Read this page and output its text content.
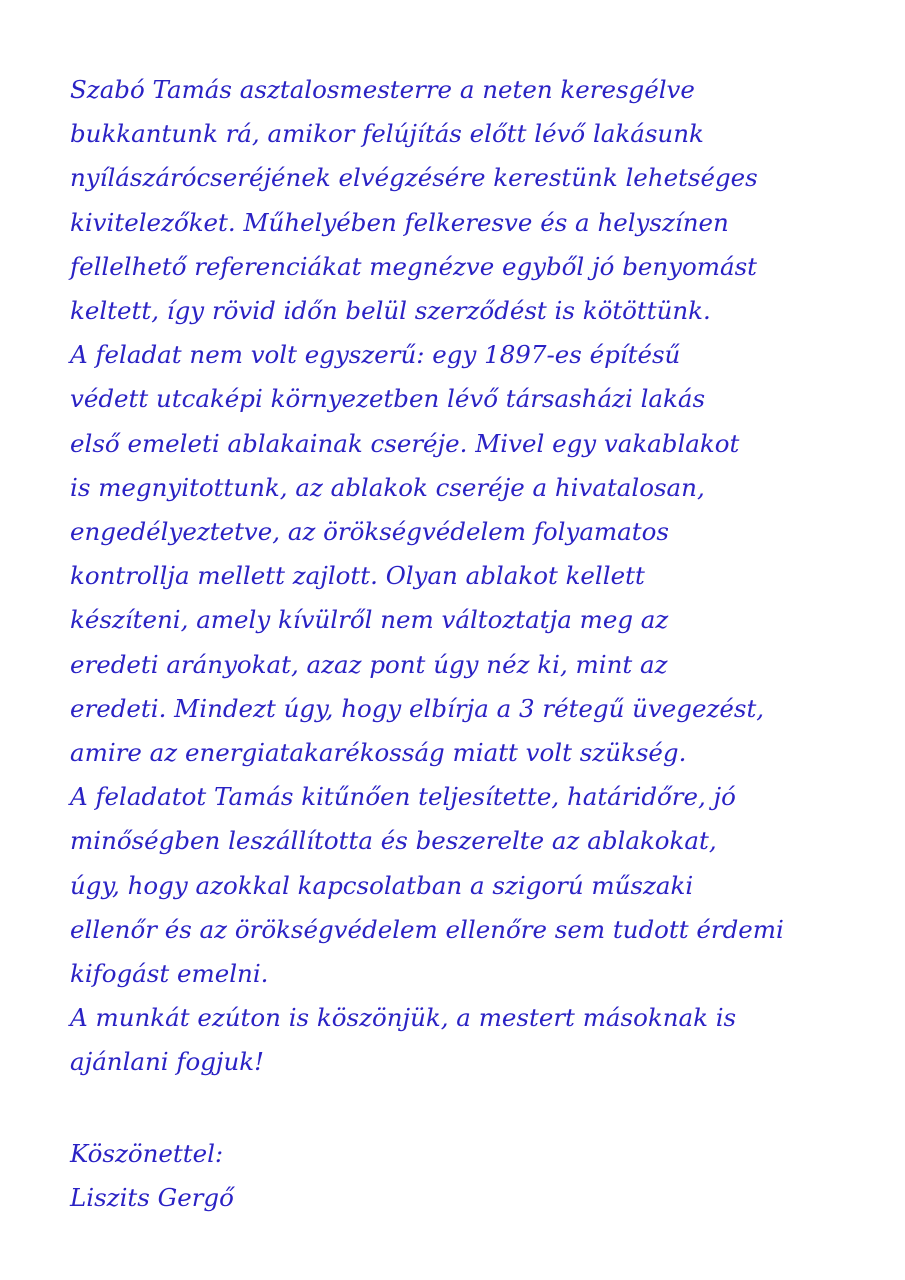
Szabó Tamás asztalosmesterre a neten keresgélve
bukkantunk rá, amikor felújítás előtt lévő lakásunk
nyílászárócseréjének elvégzésére kerestünk lehetséges
kivitelezőket. Műhelyében felkeresve és a helyszínen
fellelhető referenciákat megnézve egyből jó benyomást
keltett, így rövid időn belül szerződést is kötöttünk.
A feladat nem volt egyszerű: egy 1897-es építésű
védett utcaképi környezetben lévő társasházi lakás
első emeleti ablakainak cseréje. Mivel egy vakablakot
is megnyitottunk, az ablakok cseréje a hivatalosan,
engedélyeztetve, az örökségvédelem folyamatos
kontrollja mellett zajlott. Olyan ablakot kellett
készíteni, amely kívülről nem változtatja meg az
eredeti arányokat, azaz pont úgy néz ki, mint az
eredeti. Mindezt úgy, hogy elbírja a 3 rétegű üvegezést,
amire az energiatakarékosság miatt volt szükség.
A feladatot Tamás kitűnően teljesítette, határidőre, jó
minőségben leszállította és beszerelte az ablakokat,
úgy, hogy azokkal kapcsolatban a szigorú műszaki
ellenőr és az örökségvédelem ellenőre sem tudott érdemi
kifogást emelni.
A munkát ezúton is köszönjük, a mestert másoknak is
ajánlani fogjuk!
Köszönettel:
Liszits Gergő
